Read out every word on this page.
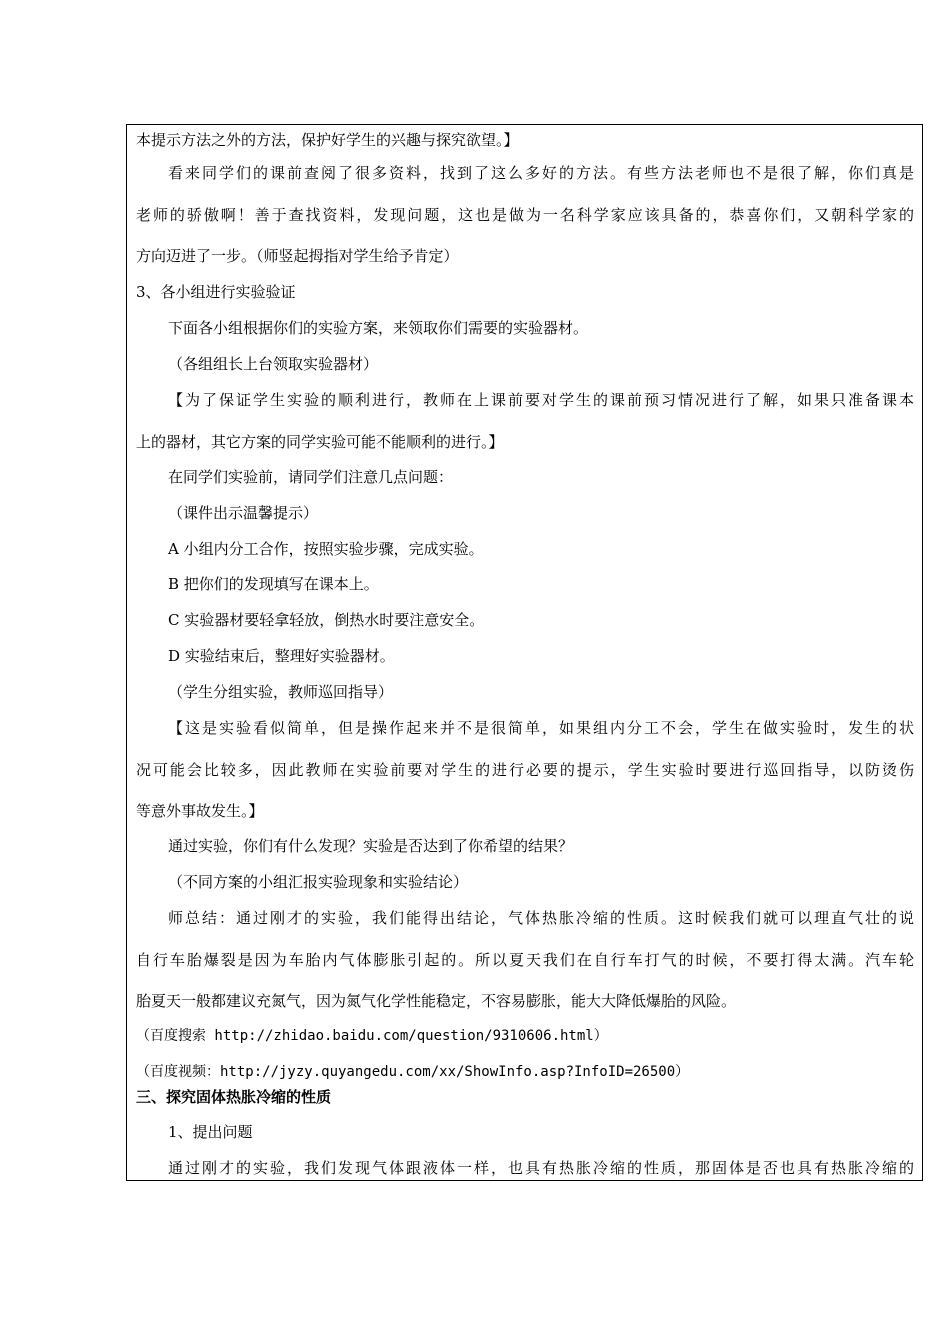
本提示方法之外的方法，保护好学生的兴趣与探究欲望。】
看来同学们的课前查阅了很多资料，找到了这么多好的方法。有些方法老师也不是很了解，你们真是
老师的骄傲啊！善于查找资料，发现问题，这也是做为一名科学家应该具备的，恭喜你们，又朝科学家的
方向迈进了一步。（师竖起拇指对学生给予肯定）
3、各小组进行实验验证
下面各小组根据你们的实验方案，来领取你们需要的实验器材。
（各组组长上台领取实验器材）
【为了保证学生实验的顺利进行，教师在上课前要对学生的课前预习情况进行了解，如果只准备课本
上的器材，其它方案的同学实验可能不能顺利的进行。】
在同学们实验前，请同学们注意几点问题：
（课件出示温馨提示）
A 小组内分工合作，按照实验步骤，完成实验。
B 把你们的发现填写在课本上。
C 实验器材要轻拿轻放，倒热水时要注意安全。
D 实验结束后，整理好实验器材。
（学生分组实验，教师巡回指导）
【这是实验看似简单，但是操作起来并不是很简单，如果组内分工不会，学生在做实验时，发生的状
况可能会比较多，因此教师在实验前要对学生的进行必要的提示，学生实验时要进行巡回指导，以防烫伤
等意外事故发生。】
通过实验，你们有什么发现？实验是否达到了你希望的结果？
（不同方案的小组汇报实验现象和实验结论）
师总结：通过刚才的实验，我们能得出结论，气体热胀冷缩的性质。这时候我们就可以理直气壮的说
自行车胎爆裂是因为车胎内气体膨胀引起的。所以夏天我们在自行车打气的时候，不要打得太满。汽车轮
胎夏天一般都建议充氮气，因为氮气化学性能稳定，不容易膨胀，能大大降低爆胎的风险。
（百度搜索 http://zhidao.baidu.com/question/9310606.html）
（百度视频：http://jyzy.quyangedu.com/xx/ShowInfo.asp?InfoID=26500）
三、探究固体热胀冷缩的性质
1、提出问题
通过刚才的实验，我们发现气体跟液体一样，也具有热胀冷缩的性质，那固体是否也具有热胀冷缩的
